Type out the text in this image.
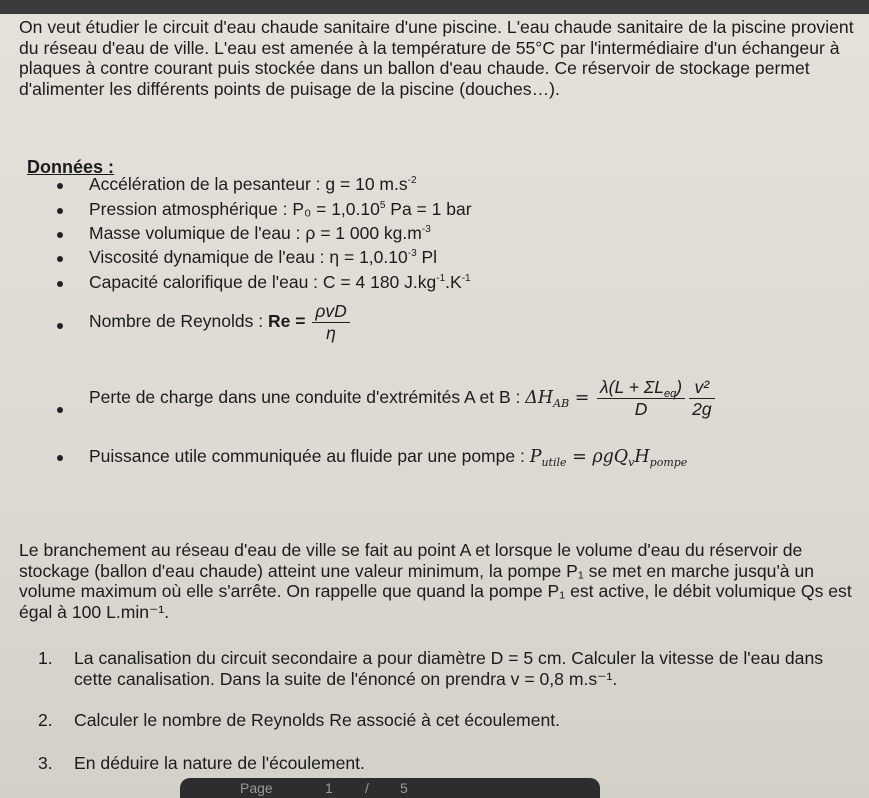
On veut étudier le circuit d'eau chaude sanitaire d'une piscine. L'eau chaude sanitaire de la piscine provient du réseau d'eau de ville. L'eau est amenée à la température de 55°C par l'intermédiaire d'un échangeur à plaques à contre courant puis stockée dans un ballon d'eau chaude. Ce réservoir de stockage permet d'alimenter les différents points de puisage de la piscine (douches…).

Données :

Accélération de la pesanteur : g = 10 $m.s^{-2}$
Pression atmosphérique : $P_0 = 1,0.10^5$ Pa = 1 bar
Masse volumique de l'eau : ρ = 1 000 $kg.m^{-3}$
Viscosité dynamique de l'eau : $\eta = 1,0.10^{-3}$ Pl
Capacité calorifique de l'eau : C = 4 180 $J.kg^{-1}.K^{-1}$
Nombre de Reynolds : $Re = \frac{\text{ρvD}}{\eta}$
Perte de charge dans une conduite d'extrémités A et B : $\Delta H_{AB} = \frac{\lambda(L + \Sigma L_{eq})}{D} \frac{\text{v²}}{2g}$
Puissance utile communiquée au fluide par une pompe : $P_{utile} = \rho gQ_vH_{pompe}$

Le branchement au réseau d'eau de ville se fait au point A et lorsque le volume d'eau du réservoir de stockage (ballon d'eau chaude) atteint une valeur minimum, la pompe P₁ se met en marche jusqu'à un volume maximum où elle s'arrête. On rappelle que quand la pompe P₁ est active, le débit volumique Qs est égal à 100 L.min⁻¹.

1. La canalisation du circuit secondaire a pour diamètre D = 5 cm. Calculer la vitesse de l'eau dans cette canalisation. Dans la suite de l'énoncé on prendra v = 0,8 m.s⁻¹.
2. Calculer le nombre de Reynolds Re associé à cet écoulement.
3. En déduire la nature de l'écoulement.
Page	1 / 5
